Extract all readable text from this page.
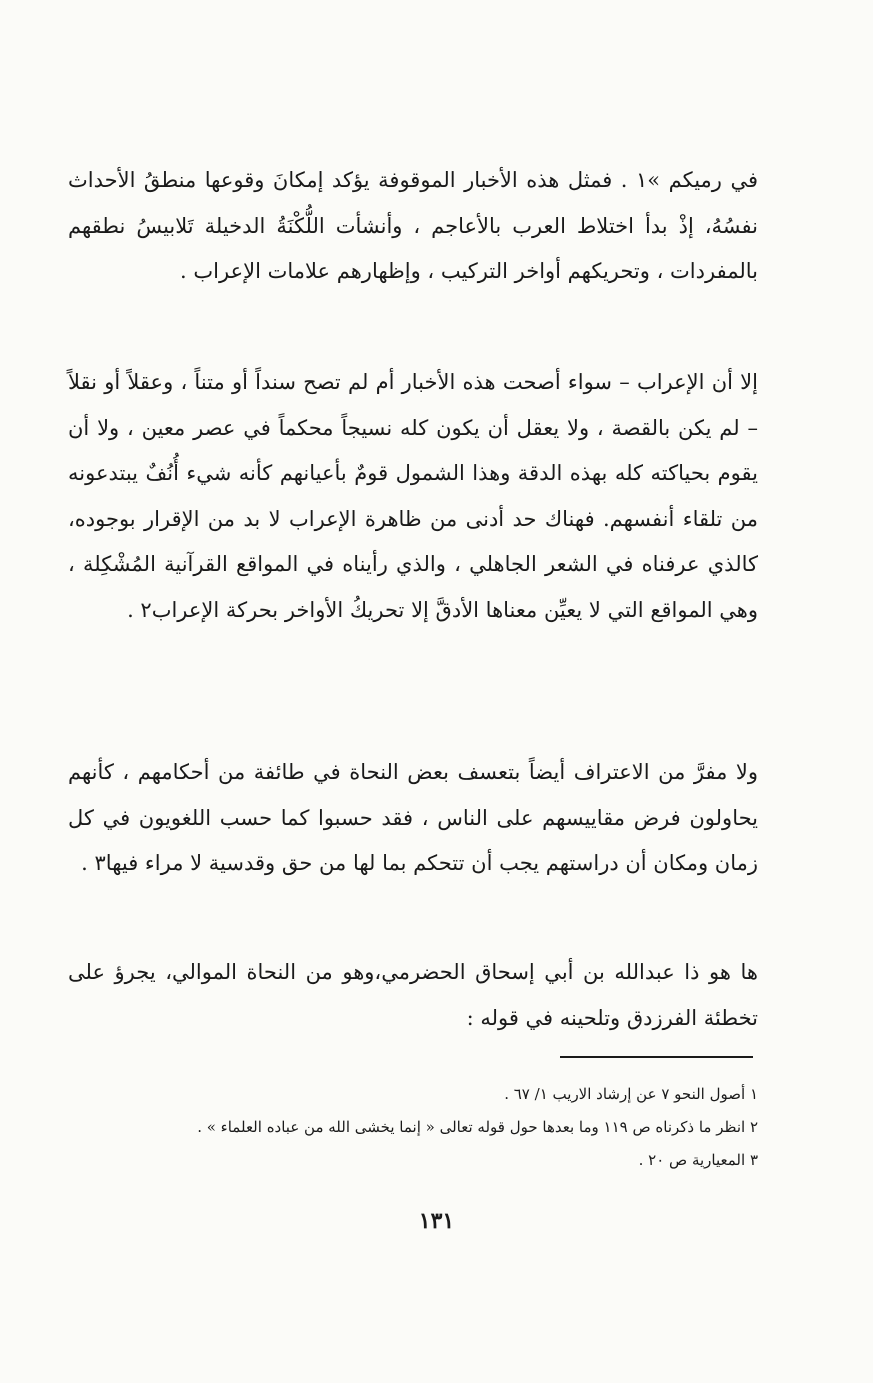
في رميكم »١ . فمثل هذه الأخبار الموقوفة يؤكد إمكانَ وقوعها منطقُ الأحداث نفسُهُ، إذْ بدأ اختلاط العرب بالأعاجم ، وأنشأت اللُّكْنَةُ الدخيلة تَلابيسُ نطقهم بالمفردات ، وتحريكهم أواخر التركيب ، وإظهارهم علامات الإعراب .

إلا أن الإعراب – سواء أصحت هذه الأخبار أم لم تصح سنداً أو متناً ، وعقلاً أو نقلاً – لم يكن بالقصة ، ولا يعقل أن يكون كله نسيجاً محكماً في عصر معين ، ولا أن يقوم بحياكته كله بهذه الدقة وهذا الشمول قومٌ بأعيانهم كأنه شيء أُنُفٌ يبتدعونه من تلقاء أنفسهم. فهناك حد أدنى من ظاهرة الإعراب لا بد من الإقرار بوجوده، كالذي عرفناه في الشعر الجاهلي ، والذي رأيناه في المواقع القرآنية المُشْكِلة ، وهي المواقع التي لا يعيِّن معناها الأدقَّ إلا تحريكُ الأواخر بحركة الإعراب٢ .

ولا مفرَّ من الاعتراف أيضاً بتعسف بعض النحاة في طائفة من أحكامهم ، كأنهم يحاولون فرض مقاييسهم على الناس ، فقد حسبوا كما حسب اللغويون في كل زمان ومكان أن دراستهم يجب أن تتحكم بما لها من حق وقدسية لا مراء فيها٣ .

ها هو ذا عبدالله بن أبي إسحاق الحضرمي،وهو من النحاة الموالي، يجرؤ على تخطئة الفرزدق وتلحينه في قوله :

١ أصول النحو ٧ عن إرشاد الاريب ١/ ٦٧ .
٢ انظر ما ذكرناه ص ١١٩ وما بعدها حول قوله تعالى « إنما يخشى الله من عباده العلماء » .
٣ المعيارية ص ٢٠ .
١٣١
